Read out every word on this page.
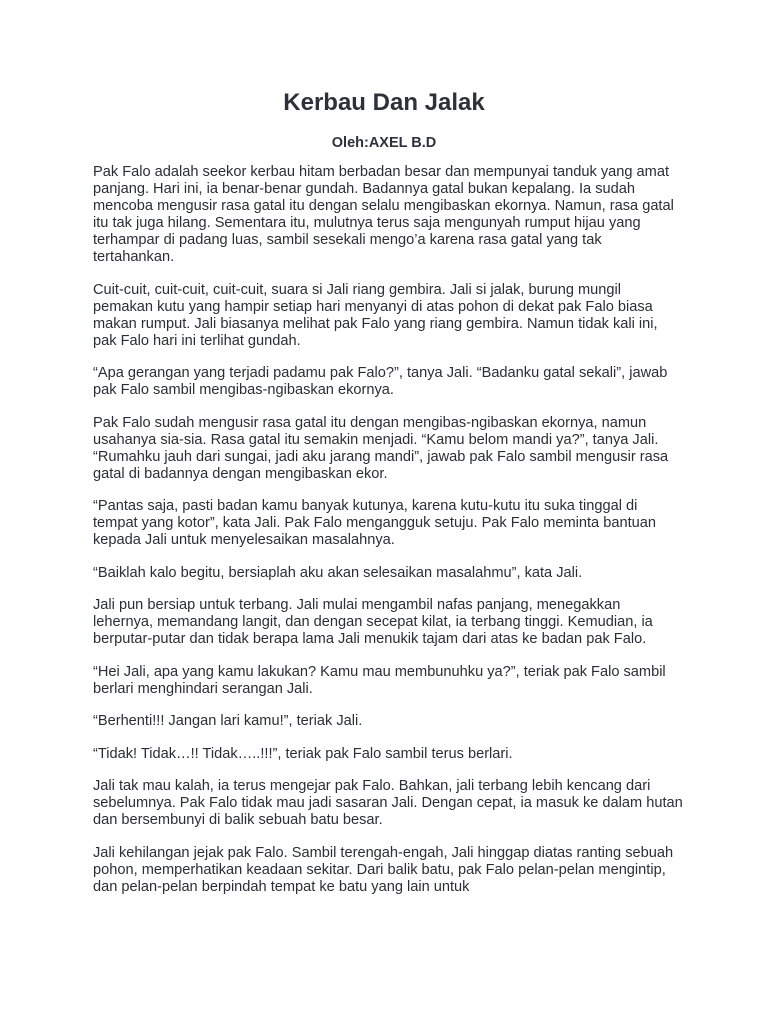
Kerbau Dan Jalak
Oleh:AXEL B.D

Pak Falo adalah seekor kerbau hitam berbadan besar dan mempunyai tanduk yang amat panjang. Hari ini, ia benar-benar gundah. Badannya gatal bukan kepalang. Ia sudah mencoba mengusir rasa gatal itu dengan selalu mengibaskan ekornya. Namun, rasa gatal itu tak juga hilang. Sementara itu, mulutnya terus saja mengunyah rumput hijau yang terhampar di padang luas, sambil sesekali mengo’a karena rasa gatal yang tak tertahankan.

Cuit-cuit, cuit-cuit, cuit-cuit, suara si Jali riang gembira. Jali si jalak, burung mungil pemakan kutu yang hampir setiap hari menyanyi di atas pohon di dekat pak Falo biasa makan rumput. Jali biasanya melihat pak Falo yang riang gembira. Namun tidak kali ini, pak Falo hari ini terlihat gundah.

“Apa gerangan yang terjadi padamu pak Falo?”, tanya Jali. “Badanku gatal sekali”, jawab pak Falo sambil mengibas-ngibaskan ekornya.

Pak Falo sudah mengusir rasa gatal itu dengan mengibas-ngibaskan ekornya, namun usahanya sia-sia. Rasa gatal itu semakin menjadi. “Kamu belom mandi ya?”, tanya Jali. “Rumahku jauh dari sungai, jadi aku jarang mandi”, jawab pak Falo sambil mengusir rasa gatal di badannya dengan mengibaskan ekor.

“Pantas saja, pasti badan kamu banyak kutunya, karena kutu-kutu itu suka tinggal di tempat yang kotor”, kata Jali. Pak Falo mengangguk setuju. Pak Falo meminta bantuan kepada Jali untuk menyelesaikan masalahnya.

“Baiklah kalo begitu, bersiaplah aku akan selesaikan masalahmu”, kata Jali.

Jali pun bersiap untuk terbang. Jali mulai mengambil nafas panjang, menegakkan lehernya, memandang langit, dan dengan secepat kilat, ia terbang tinggi. Kemudian, ia berputar-putar dan tidak berapa lama Jali menukik tajam dari atas ke badan pak Falo.

“Hei Jali, apa yang kamu lakukan? Kamu mau membunuhku ya?”, teriak pak Falo sambil berlari menghindari serangan Jali.

“Berhenti!!! Jangan lari kamu!”, teriak Jali.

“Tidak! Tidak…!! Tidak…..!!!”, teriak pak Falo sambil terus berlari.

Jali tak mau kalah, ia terus mengejar pak Falo. Bahkan, jali terbang lebih kencang dari sebelumnya. Pak Falo tidak mau jadi sasaran Jali. Dengan cepat, ia masuk ke dalam hutan dan bersembunyi di balik sebuah batu besar.

Jali kehilangan jejak pak Falo. Sambil terengah-engah, Jali hinggap diatas ranting sebuah pohon, memperhatikan keadaan sekitar. Dari balik batu, pak Falo pelan-pelan mengintip, dan pelan-pelan berpindah tempat ke batu yang lain untuk
